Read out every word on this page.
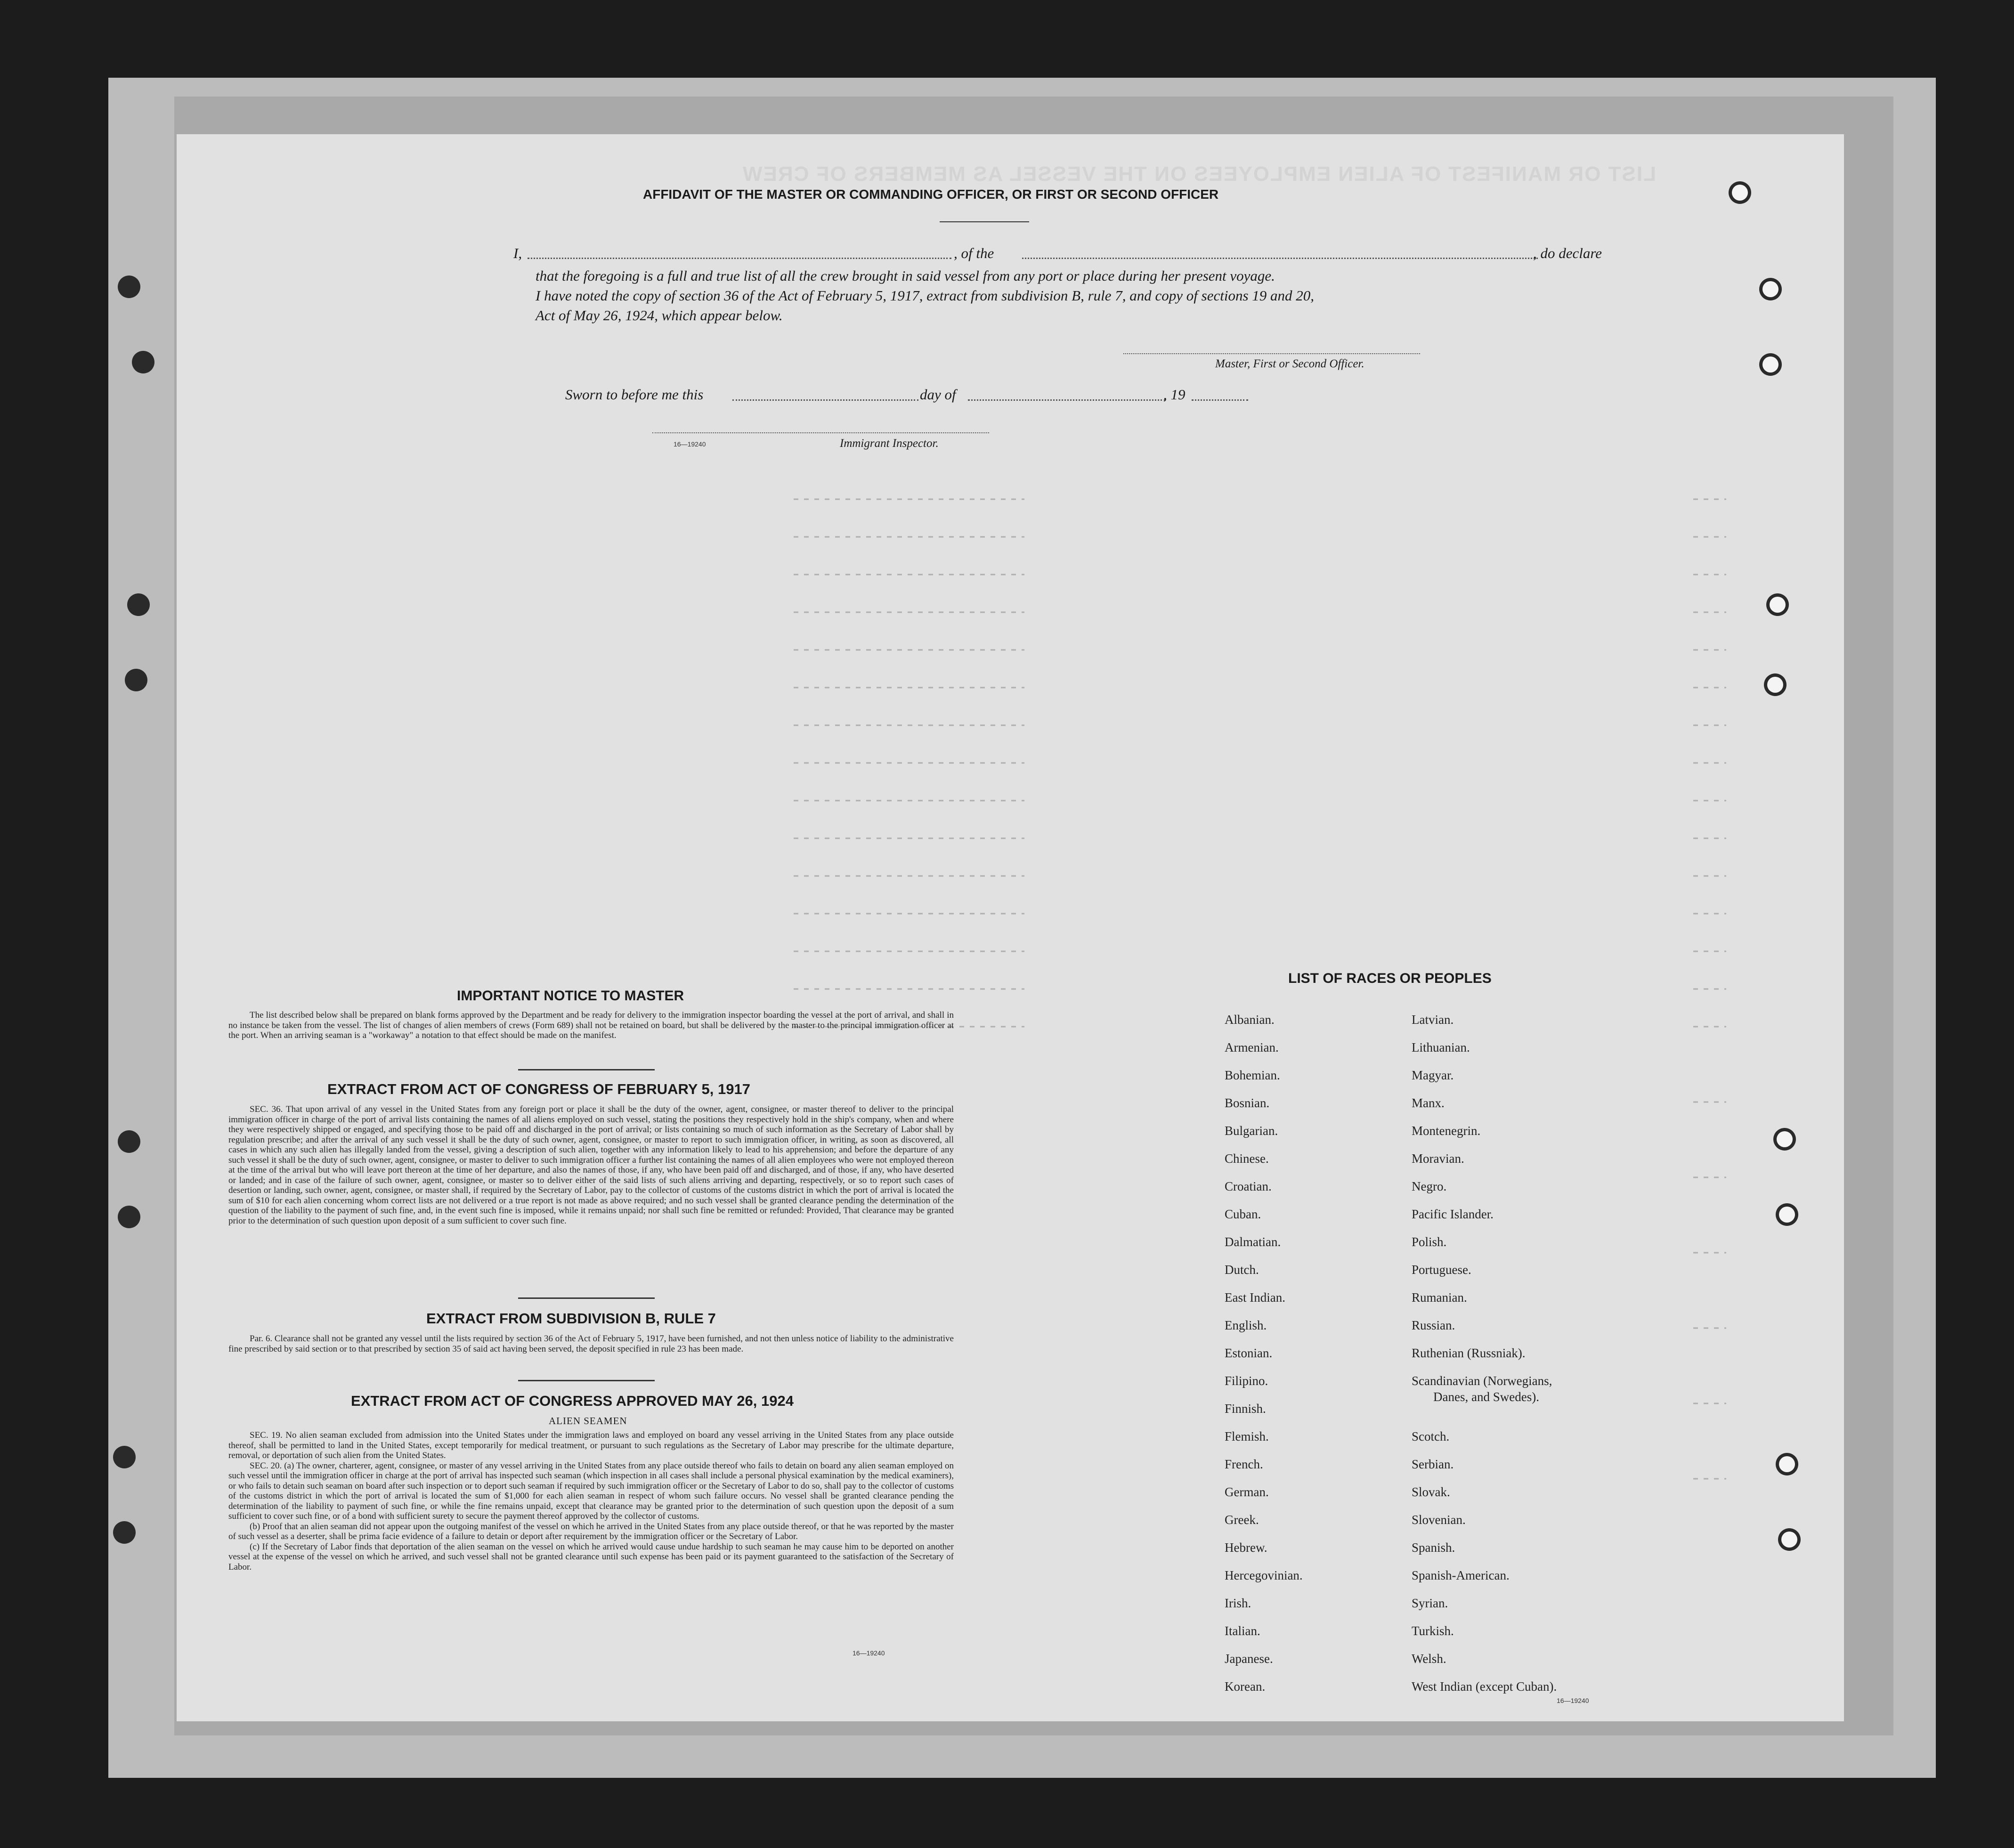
LIST OR MANIFEST OF ALIEN EMPLOYEES ON THE VESSEL AS MEMBERS OF CREW
AFFIDAVIT OF THE MASTER OR COMMANDING OFFICER, OR FIRST OR SECOND OFFICER
I,	, of the	, do declare
that the foregoing is a full and true list of all the crew brought in said vessel from any port or place during her present voyage.
I have noted the copy of section 36 of the Act of February 5, 1917, extract from subdivision B, rule 7, and copy of sections 19 and 20,
Act of May 26, 1924, which appear below.
Master, First or Second Officer.
Sworn to before me this	day of	, 19
16—19240	Immigrant Inspector.
IMPORTANT NOTICE TO MASTER

The list described below shall be prepared on blank forms approved by the Department and be ready for delivery to the immigration inspector boarding the vessel at the port of arrival, and shall in no instance be taken from the vessel. The list of changes of alien members of crews (Form 689) shall not be retained on board, but shall be delivered by the master to the principal immigration officer at the port. When an arriving seaman is a "workaway" a notation to that effect should be made on the manifest.

EXTRACT FROM ACT OF CONGRESS OF FEBRUARY 5, 1917

SEC. 36. That upon arrival of any vessel in the United States from any foreign port or place it shall be the duty of the owner, agent, consignee, or master thereof to deliver to the principal immigration officer in charge of the port of arrival lists containing the names of all aliens employed on such vessel, stating the positions they respectively hold in the ship's company, when and where they were respectively shipped or engaged, and specifying those to be paid off and discharged in the port of arrival; or lists containing so much of such information as the Secretary of Labor shall by regulation prescribe; and after the arrival of any such vessel it shall be the duty of such owner, agent, consignee, or master to report to such immigration officer, in writing, as soon as discovered, all cases in which any such alien has illegally landed from the vessel, giving a description of such alien, together with any information likely to lead to his apprehension; and before the departure of any such vessel it shall be the duty of such owner, agent, consignee, or master to deliver to such immigration officer a further list containing the names of all alien employees who were not employed thereon at the time of the arrival but who will leave port thereon at the time of her departure, and also the names of those, if any, who have been paid off and discharged, and of those, if any, who have deserted or landed; and in case of the failure of such owner, agent, consignee, or master so to deliver either of the said lists of such aliens arriving and departing, respectively, or so to report such cases of desertion or landing, such owner, agent, consignee, or master shall, if required by the Secretary of Labor, pay to the collector of customs of the customs district in which the port of arrival is located the sum of $10 for each alien concerning whom correct lists are not delivered or a true report is not made as above required; and no such vessel shall be granted clearance pending the determination of the question of the liability to the payment of such fine, and, in the event such fine is imposed, while it remains unpaid; nor shall such fine be remitted or refunded: Provided, That clearance may be granted prior to the determination of such question upon deposit of a sum sufficient to cover such fine.

EXTRACT FROM SUBDIVISION B, RULE 7

Par. 6. Clearance shall not be granted any vessel until the lists required by section 36 of the Act of February 5, 1917, have been furnished, and not then unless notice of liability to the administrative fine prescribed by said section or to that prescribed by section 35 of said act having been served, the deposit specified in rule 23 has been made.

EXTRACT FROM ACT OF CONGRESS APPROVED MAY 26, 1924
ALIEN SEAMEN

SEC. 19. No alien seaman excluded from admission into the United States under the immigration laws and employed on board any vessel arriving in the United States from any place outside thereof, shall be permitted to land in the United States, except temporarily for medical treatment, or pursuant to such regulations as the Secretary of Labor may prescribe for the ultimate departure, removal, or deportation of such alien from the United States.

SEC. 20. (a) The owner, charterer, agent, consignee, or master of any vessel arriving in the United States from any place outside thereof who fails to detain on board any alien seaman employed on such vessel until the immigration officer in charge at the port of arrival has inspected such seaman (which inspection in all cases shall include a personal physical examination by the medical examiners), or who fails to detain such seaman on board after such inspection or to deport such seaman if required by such immigration officer or the Secretary of Labor to do so, shall pay to the collector of customs of the customs district in which the port of arrival is located the sum of $1,000 for each alien seaman in respect of whom such failure occurs. No vessel shall be granted clearance pending the determination of the liability to payment of such fine, or while the fine remains unpaid, except that clearance may be granted prior to the determination of such question upon the deposit of a sum sufficient to cover such fine, or of a bond with sufficient surety to secure the payment thereof approved by the collector of customs.

(b) Proof that an alien seaman did not appear upon the outgoing manifest of the vessel on which he arrived in the United States from any place outside thereof, or that he was reported by the master of such vessel as a deserter, shall be prima facie evidence of a failure to detain or deport after requirement by the immigration officer or the Secretary of Labor.

(c) If the Secretary of Labor finds that deportation of the alien seaman on the vessel on which he arrived would cause undue hardship to such seaman he may cause him to be deported on another vessel at the expense of the vessel on which he arrived, and such vessel shall not be granted clearance until such expense has been paid or its payment guaranteed to the satisfaction of the Secretary of Labor.

16—19240
LIST OF RACES OR PEOPLES
Albanian.
Armenian.
Bohemian.
Bosnian.
Bulgarian.
Chinese.
Croatian.
Cuban.
Dalmatian.
Dutch.
East Indian.
English.
Estonian.
Filipino.
Finnish.
Flemish.
French.
German.
Greek.
Hebrew.
Hercegovinian.
Irish.
Italian.
Japanese.
Korean.
Latvian.
Lithuanian.
Magyar.
Manx.
Montenegrin.
Moravian.
Negro.
Pacific Islander.
Polish.
Portuguese.
Rumanian.
Russian.
Ruthenian (Russniak).
Scandinavian (Norwegians,
Danes, and Swedes).
Scotch.
Serbian.
Slovak.
Slovenian.
Spanish.
Spanish-American.
Syrian.
Turkish.
Welsh.
West Indian (except Cuban).
16—19240
